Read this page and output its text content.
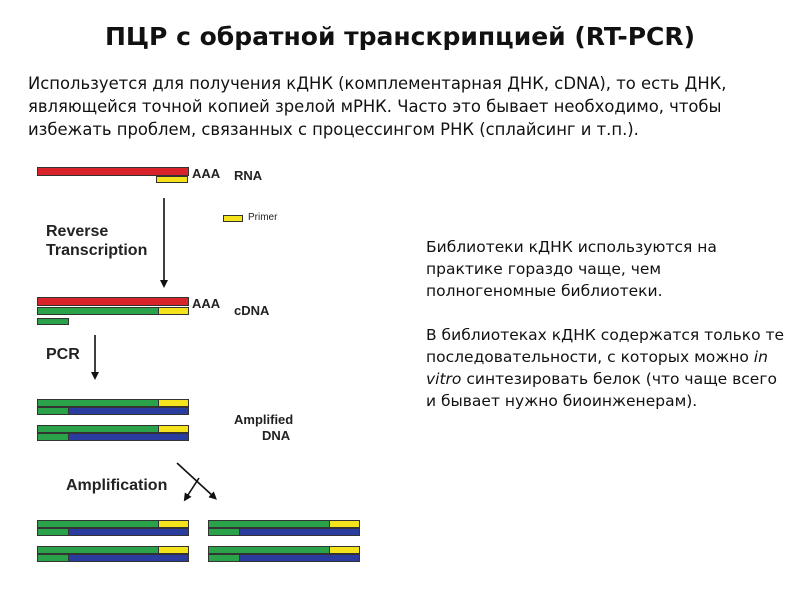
ПЦР с обратной транскрипцией (RT-PCR)
Используется для получения кДНК (комплементарная ДНК, cDNA), то есть ДНК, являющейся точной копией зрелой мРНК. Часто это бывает необходимо, чтобы избежать проблем, связанных с процессингом РНК (сплайсинг и т.п.).

Библиотеки кДНК используются на практике гораздо чаще, чем полногеномные библиотеки.

В библиотеках кДНК содержатся только те последовательности, с которых можно in vitro синтезировать белок (что чаще всего и бывает нужно биоинженерам).

AAA RNA
Primer
Reverse
Transcription
AAA cDNA
PCR
Amplified
DNA
Amplification
